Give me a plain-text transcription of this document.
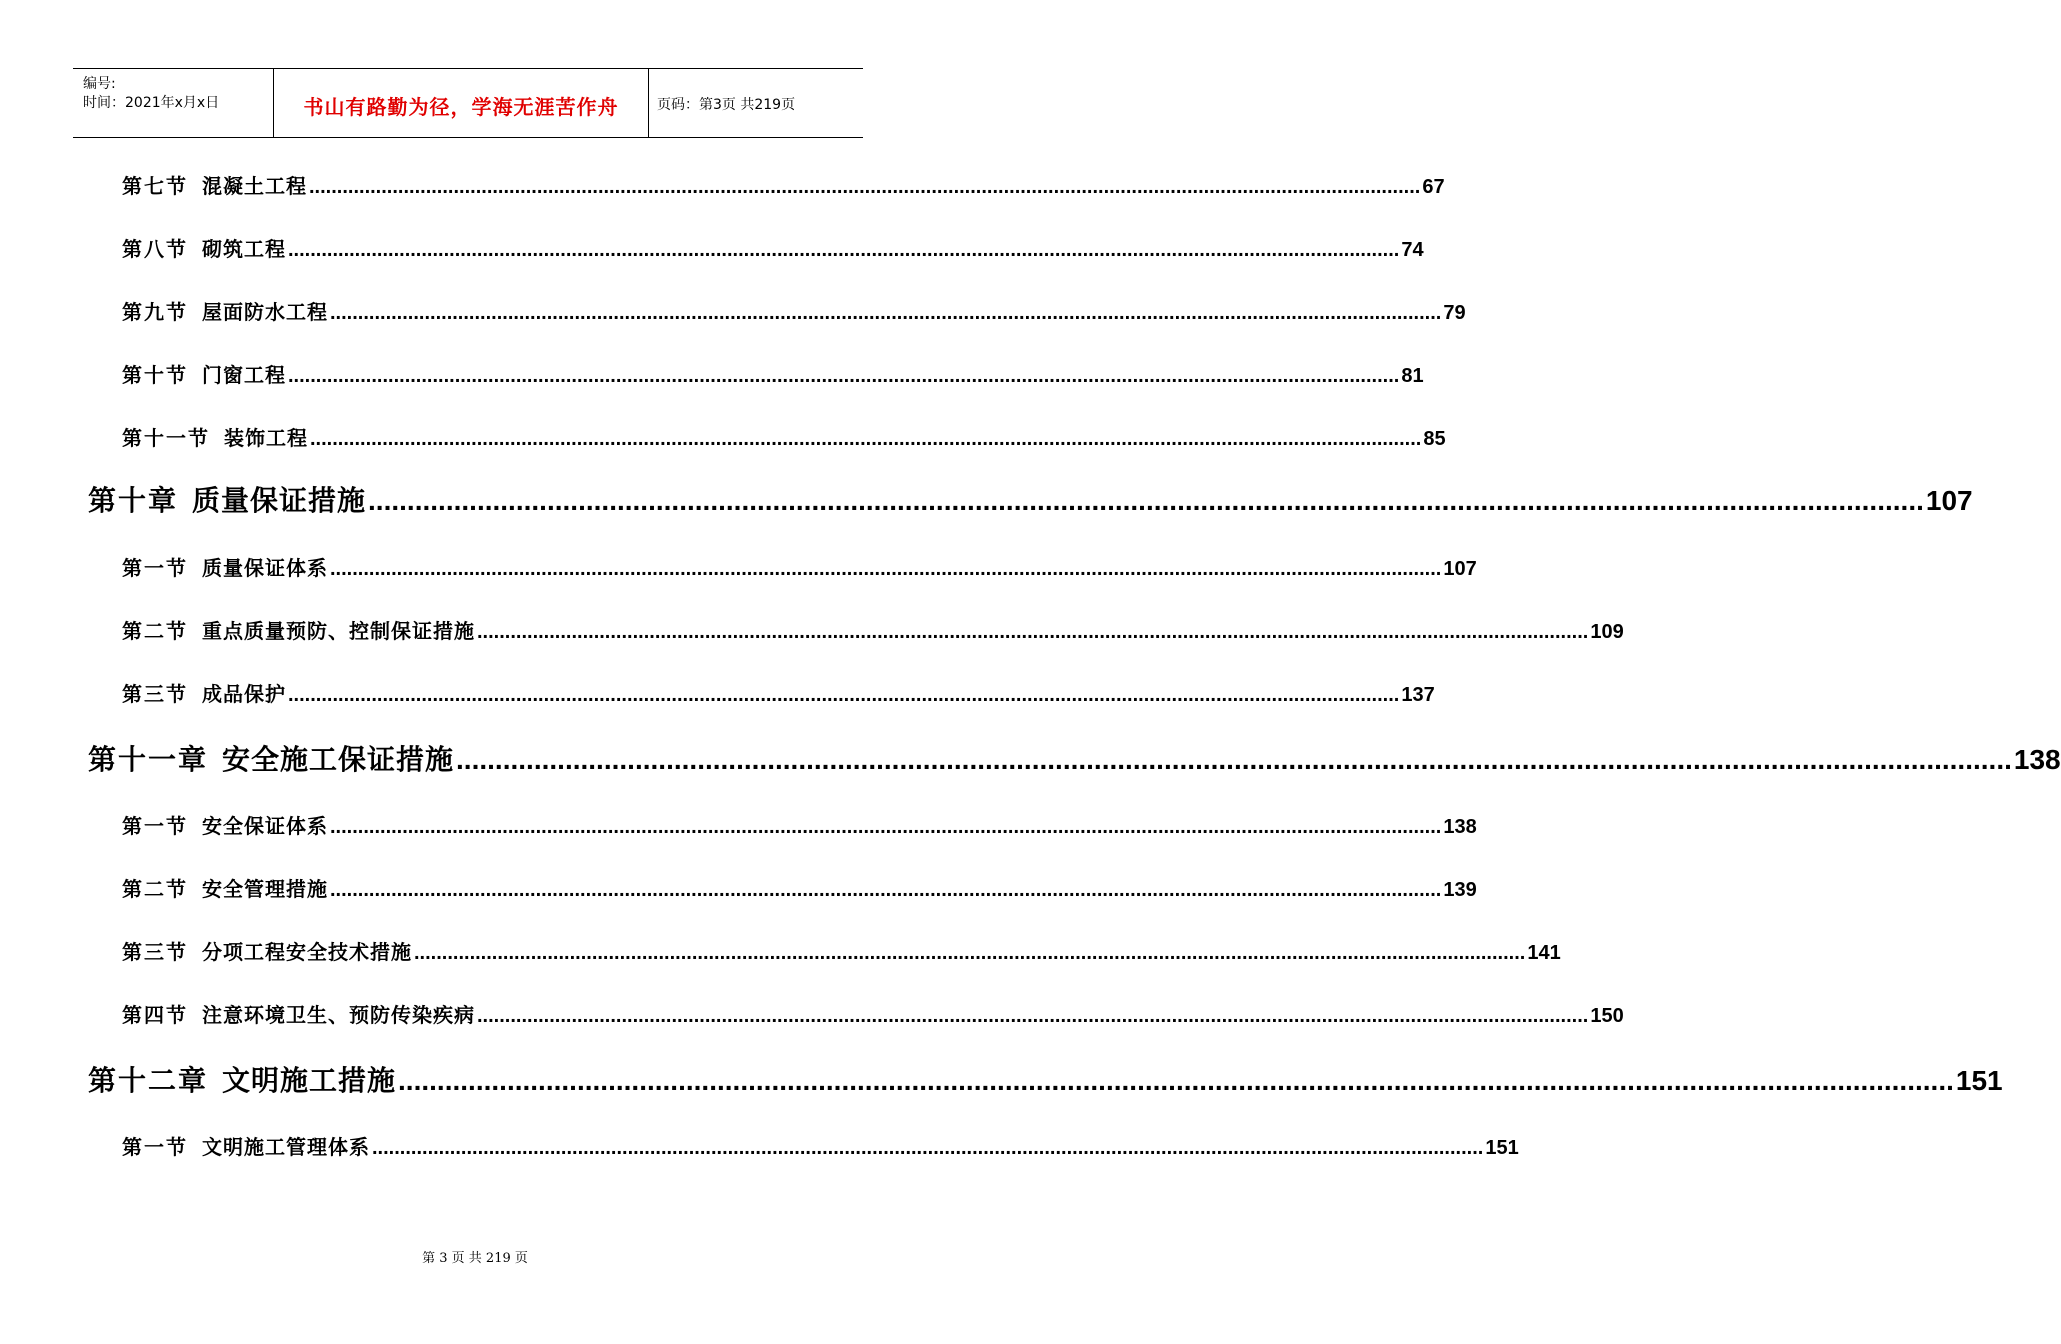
编号:
时间：2021年x月x日	书山有路勤为径，学海无涯苦作舟	页码：第3页 共219页
第七节 混凝土工程 ........................................................................................................................................................................................................ 67
第八节 砌筑工程 ........................................................................................................................................................................................................ 74
第九节 屋面防水工程 ........................................................................................................................................................................................................ 79
第十节 门窗工程 ........................................................................................................................................................................................................ 81
第十一节 装饰工程 ........................................................................................................................................................................................................ 85
第十章 质量保证措施 ........................................................................................................................................................................................................ 107
第一节 质量保证体系 ........................................................................................................................................................................................................ 107
第二节 重点质量预防、控制保证措施 ........................................................................................................................................................................................................ 109
第三节 成品保护 ........................................................................................................................................................................................................ 137
第十一章 安全施工保证措施 ........................................................................................................................................................................................................ 138
第一节 安全保证体系 ........................................................................................................................................................................................................ 138
第二节 安全管理措施 ........................................................................................................................................................................................................ 139
第三节 分项工程安全技术措施 ........................................................................................................................................................................................................ 141
第四节 注意环境卫生、预防传染疾病 ........................................................................................................................................................................................................ 150
第十二章 文明施工措施 ........................................................................................................................................................................................................ 151
第一节 文明施工管理体系 ........................................................................................................................................................................................................ 151
第 3 页 共 219 页
